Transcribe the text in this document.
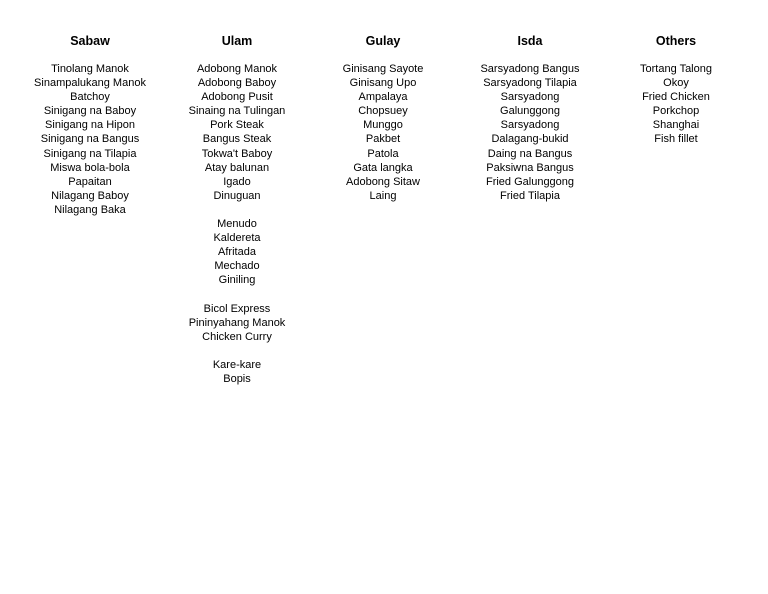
Sabaw
Tinolang Manok
Sinampalukang Manok
Batchoy
Sinigang na Baboy
Sinigang na Hipon
Sinigang na Bangus
Sinigang na Tilapia
Miswa bola-bola
Papaitan
Nilagang Baboy
Nilagang Baka
Ulam
Adobong Manok
Adobong Baboy
Adobong Pusit
Sinaing na Tulingan
Pork Steak
Bangus Steak
Tokwa't Baboy
Atay balunan
Igado
Dinuguan
Menudo
Kaldereta
Afritada
Mechado
Giniling
Bicol Express
Pininyahang Manok
Chicken Curry
Kare-kare
Bopis
Gulay
Ginisang Sayote
Ginisang Upo
Ampalaya
Chopsuey
Munggo
Pakbet
Patola
Gata langka
Adobong Sitaw
Laing
Isda
Sarsyadong Bangus
Sarsyadong Tilapia
Sarsyadong
Galunggong
Sarsyadong Dalagang-bukid
Daing na Bangus
Paksiwna Bangus
Fried Galunggong
Fried Tilapia
Others
Tortang Talong
Okoy
Fried Chicken
Porkchop
Shanghai
Fish fillet
